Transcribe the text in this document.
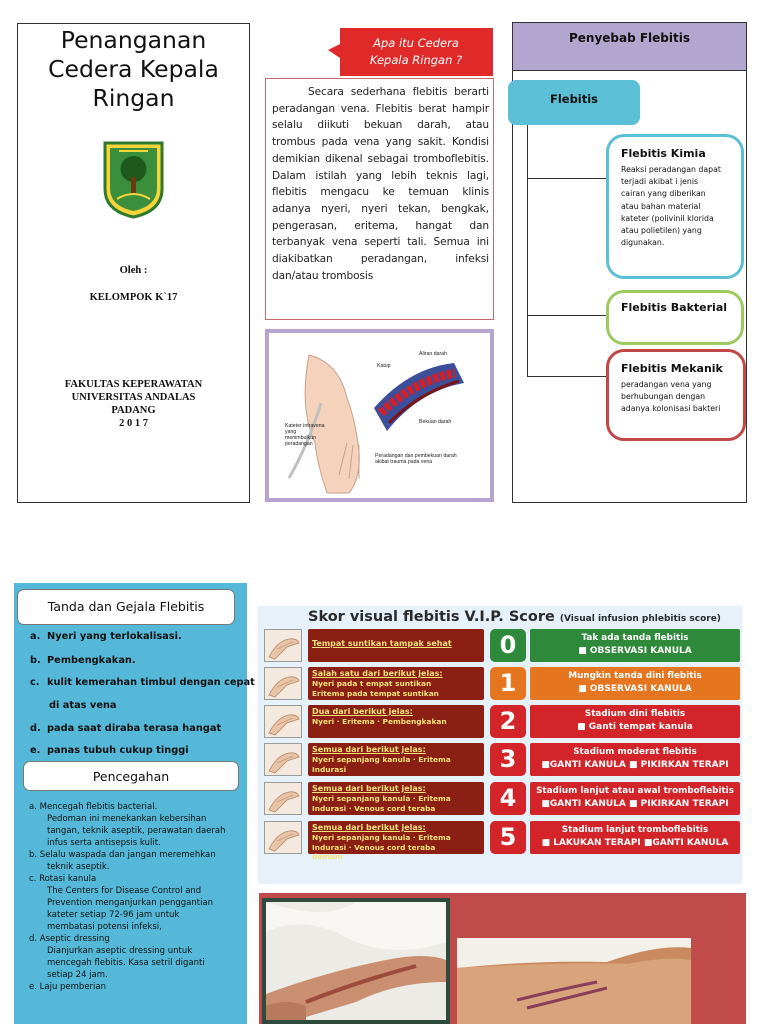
Penanganan
Cedera Kepala
Ringan
Oleh :
KELOMPOK K`17
FAKULTAS KEPERAWATAN
UNIVERSITAS ANDALAS
PADANG
2 0 1 7
Apa itu Cedera
Kepala Ringan ?

Secara sederhana flebitis berarti peradangan vena. Flebitis berat hampir selalu diikuti bekuan darah, atau trombus pada vena yang sakit. Kondisi demikian dikenal sebagai tromboflebitis. Dalam istilah yang lebih teknis lagi, flebitis mengacu ke temuan klinis adanya nyeri, nyeri tekan, bengkak, pengerasan, eritema, hangat dan terbanyak vena seperti tali. Semua ini diakibatkan peradangan, infeksi dan/atau trombosis

Aliran darah
Katup
Kateter intravena yang menimbulkan peradangan
Bekuan darah
Peradangan dan pembekuan darah akibat trauma pada vena
Penyebab Flebitis
Flebitis
Flebitis Kimia
Reaksi peradangan dapat
terjadi akibat i jenis
cairan yang diberikan
atau bahan material
kateter (polivinil klorida
atau polietilen) yang
digunakan.
Flebitis Bakterial
Flebitis Mekanik
peradangan vena yang
berhubungan dengan
adanya kolonisasi bakteri
Tanda dan Gejala Flebitis
a. Nyeri yang terlokalisasi.
b. Pembengkakan.
c. kulit kemerahan timbul dengan cepat
di atas vena
d. pada saat diraba terasa hangat
e. panas tubuh cukup tinggi
Pencegahan
a. Mencegah flebitis bacterial.
Pedoman ini menekankan kebersihan
tangan, teknik aseptik, perawatan daerah
infus serta antisepsis kulit.
b. Selalu waspada dan jangan meremehkan
teknik aseptik.
c. Rotasi kanula
The Centers for Disease Control and
Prevention menganjurkan penggantian
kateter setiap 72-96 jam untuk
membatasi potensi infeksi,
d. Aseptic dressing
Dianjurkan aseptic dressing untuk
mencegah flebitis. Kasa setril diganti
setiap 24 jam.
e. Laju pemberian
Skor visual flebitis V.I.P. Score (Visual infusion phlebitis score)
Tempat suntikan tampak sehat	0	Tak ada tanda flebitis
■ OBSERVASI KANULA
Salah satu dari berikut jelas:
Nyeri pada t empat suntikan
Eritema pada tempat suntikan	1	Mungkin tanda dini flebitis
■ OBSERVASI KANULA
Dua dari berikut jelas:
Nyeri · Eritema · Pembengkakan	2	Stadium dini flebitis
■ Ganti tempat kanula
Semua dari berikut jelas:
Nyeri sepanjang kanula · Eritema
Indurasi	3	Stadium moderat flebitis
■GANTI KANULA ■ PIKIRKAN TERAPI
Semua dari berikut jelas:
Nyeri sepanjang kanula · Eritema
Indurasi · Venous cord teraba	4	Stadium lanjut atau awal tromboflebitis
■GANTI KANULA ■ PIKIRKAN TERAPI
Semua dari berikut jelas:
Nyeri sepanjang kanula · Eritema
Indurasi · Venous cord teraba
demam
5	Stadium lanjut tromboflebitis
■ LAKUKAN TERAPI ■GANTI KANULA
